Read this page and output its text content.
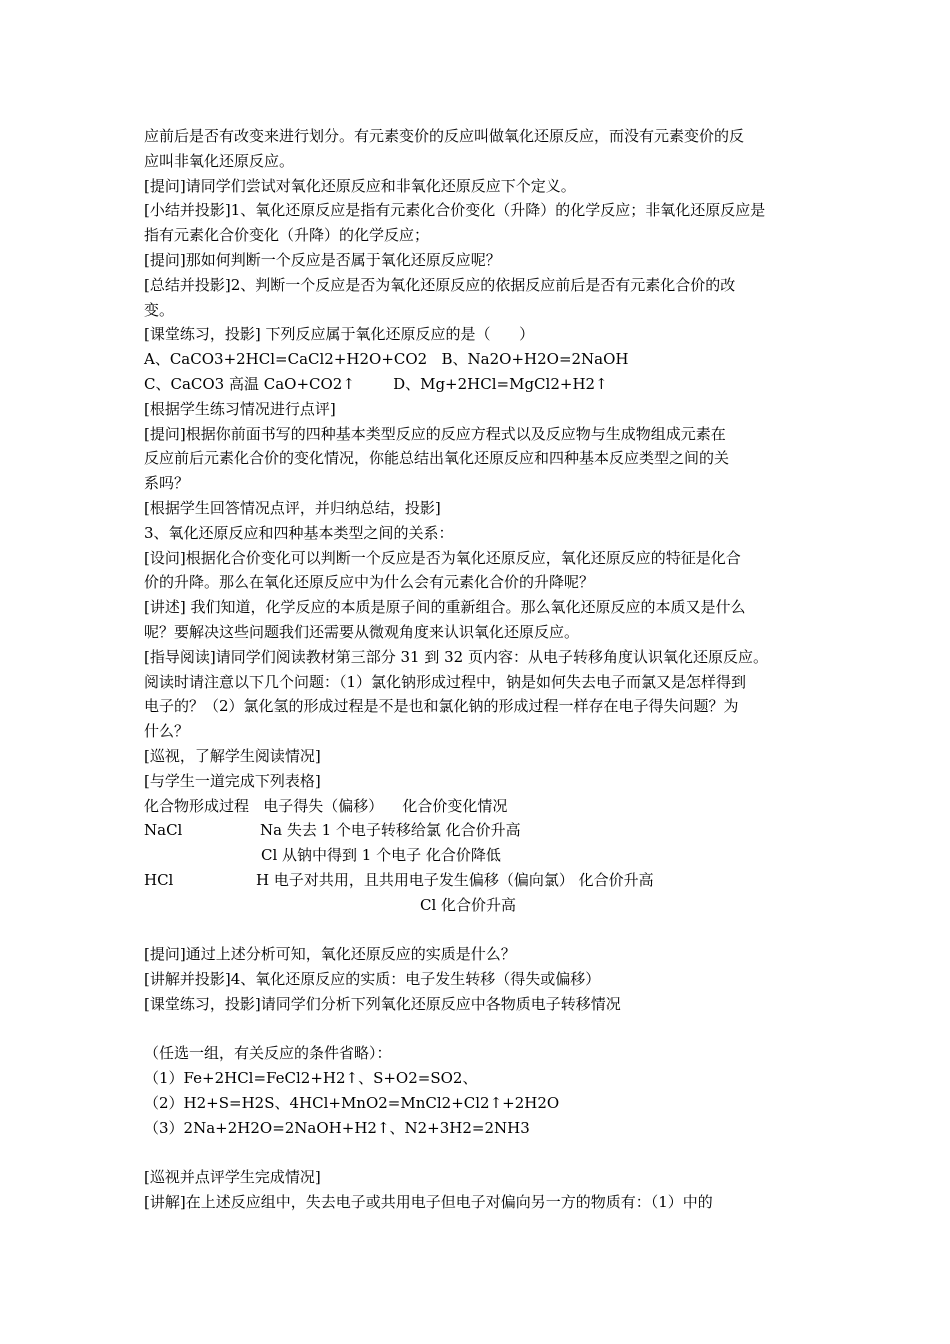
应前后是否有改变来进行划分。有元素变价的反应叫做氧化还原反应，而没有元素变价的反
应叫非氧化还原反应。
[提问]请同学们尝试对氧化还原反应和非氧化还原反应下个定义。
[小结并投影]1、氧化还原反应是指有元素化合价变化（升降）的化学反应；非氧化还原反应是
指有元素化合价变化（升降）的化学反应；
[提问]那如何判断一个反应是否属于氧化还原反应呢？
[总结并投影]2、判断一个反应是否为氧化还原反应的依据反应前后是否有元素化合价的改
变。
[课堂练习，投影] 下列反应属于氧化还原反应的是（      ）
A、CaCO3+2HCl=CaCl2+H2O+CO2   B、Na2O+H2O=2NaOH
C、CaCO3 高温 CaO+CO2↑        D、Mg+2HCl=MgCl2+H2↑
[根据学生练习情况进行点评]
[提问]根据你前面书写的四种基本类型反应的反应方程式以及反应物与生成物组成元素在
反应前后元素化合价的变化情况，你能总结出氧化还原反应和四种基本反应类型之间的关
系吗？
[根据学生回答情况点评，并归纳总结，投影]
3、氧化还原反应和四种基本类型之间的关系：
[设问]根据化合价变化可以判断一个反应是否为氧化还原反应，氧化还原反应的特征是化合
价的升降。那么在氧化还原反应中为什么会有元素化合价的升降呢？
[讲述] 我们知道，化学反应的本质是原子间的重新组合。那么氧化还原反应的本质又是什么
呢？要解决这些问题我们还需要从微观角度来认识氧化还原反应。
[指导阅读]请同学们阅读教材第三部分 31 到 32 页内容：从电子转移角度认识氧化还原反应。
阅读时请注意以下几个问题：（1）氯化钠形成过程中，钠是如何失去电子而氯又是怎样得到
电子的？（2）氯化氢的形成过程是不是也和氯化钠的形成过程一样存在电子得失问题？为
什么？
[巡视，了解学生阅读情况]
[与学生一道完成下列表格]
化合物形成过程   电子得失（偏移）    化合价变化情况

NaCl

	Na 失去 1 个电子转移给氯 化合价升高

Cl 从钠中得到 1 个电子 化合价降低

HCl

	H 电子对共用，且共用电子发生偏移（偏向氯） 化合价升高

Cl 化合价升高

[提问]通过上述分析可知，氧化还原反应的实质是什么？
[讲解并投影]4、氧化还原反应的实质：电子发生转移（得失或偏移）
[课堂练习，投影]请同学们分析下列氧化还原反应中各物质电子转移情况
（任选一组，有关反应的条件省略）：
（1）Fe+2HCl=FeCl2+H2↑、S+O2=SO2、
（2）H2+S=H2S、4HCl+MnO2=MnCl2+Cl2↑+2H2O
（3）2Na+2H2O=2NaOH+H2↑、N2+3H2=2NH3
[巡视并点评学生完成情况]
[讲解]在上述反应组中，失去电子或共用电子但电子对偏向另一方的物质有：（1）中的
